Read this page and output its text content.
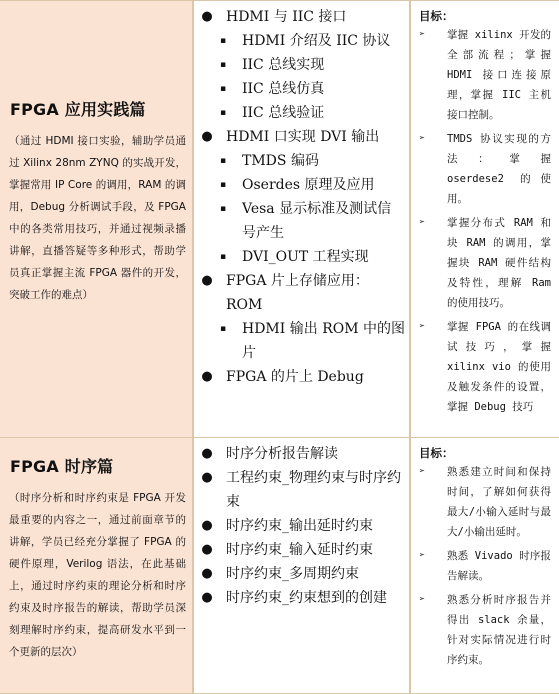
FPGA 应用实践篇
（通过 HDMI 接口实验，辅助学员通过 Xilinx 28nm ZYNQ 的实战开发，掌握常用 IP Core 的调用，RAM 的调用，Debug 分析调试手段，及 FPGA 中的各类常用技巧，并通过视频录播讲解，直播答疑等多种形式，帮助学员真正掌握主流 FPGA 器件的开发，突破工作的难点）
● HDMI 与 IIC 接口
▪ HDMI 介绍及 IIC 协议
▪ IIC 总线实现
▪ IIC 总线仿真
▪ IIC 总线验证
● HDMI 口实现 DVI 输出
▪ TMDS 编码
▪ Oserdes 原理及应用
▪ Vesa 显示标准及测试信号产生
▪ DVI_OUT 工程实现
● FPGA 片上存储应用：ROM
▪ HDMI 输出 ROM 中的图片
● FPGA 的片上 Debug
目标：
➢ 掌握 xilinx 开发的全部流程；掌握 HDMI 接口连接原理，掌握 IIC 主机接口控制。
➢ TMDS 协议实现的方法：掌握 oserdese2 的使用。
➢ 掌握分布式 RAM 和块 RAM 的调用，掌握块 RAM 硬件结构及特性，理解 Ram 的使用技巧。
➢ 掌握 FPGA 的在线调试技巧，掌握 xilinx vio 的使用及触发条件的设置，掌握 Debug 技巧
FPGA 时序篇
（时序分析和时序约束是 FPGA 开发最重要的内容之一，通过前面章节的讲解，学员已经充分掌握了 FPGA 的硬件原理，Verilog 语法，在此基础上，通过时序约束的理论分析和时序约束及时序报告的解读，帮助学员深刻理解时序约束，提高研发水平到一个更新的层次）
● 时序分析报告解读
● 工程约束_物理约束与时序约束
● 时序约束_输出延时约束
● 时序约束_输入延时约束
● 时序约束_多周期约束
● 时序约束_约束想到的创建
目标：
➢ 熟悉建立时间和保持时间，了解如何获得最大/小输入延时与最大/小输出延时。
➢ 熟悉 Vivado 时序报告解读。
➢ 熟悉分析时序报告并得出 slack 余量，针对实际情况进行时序约束。
